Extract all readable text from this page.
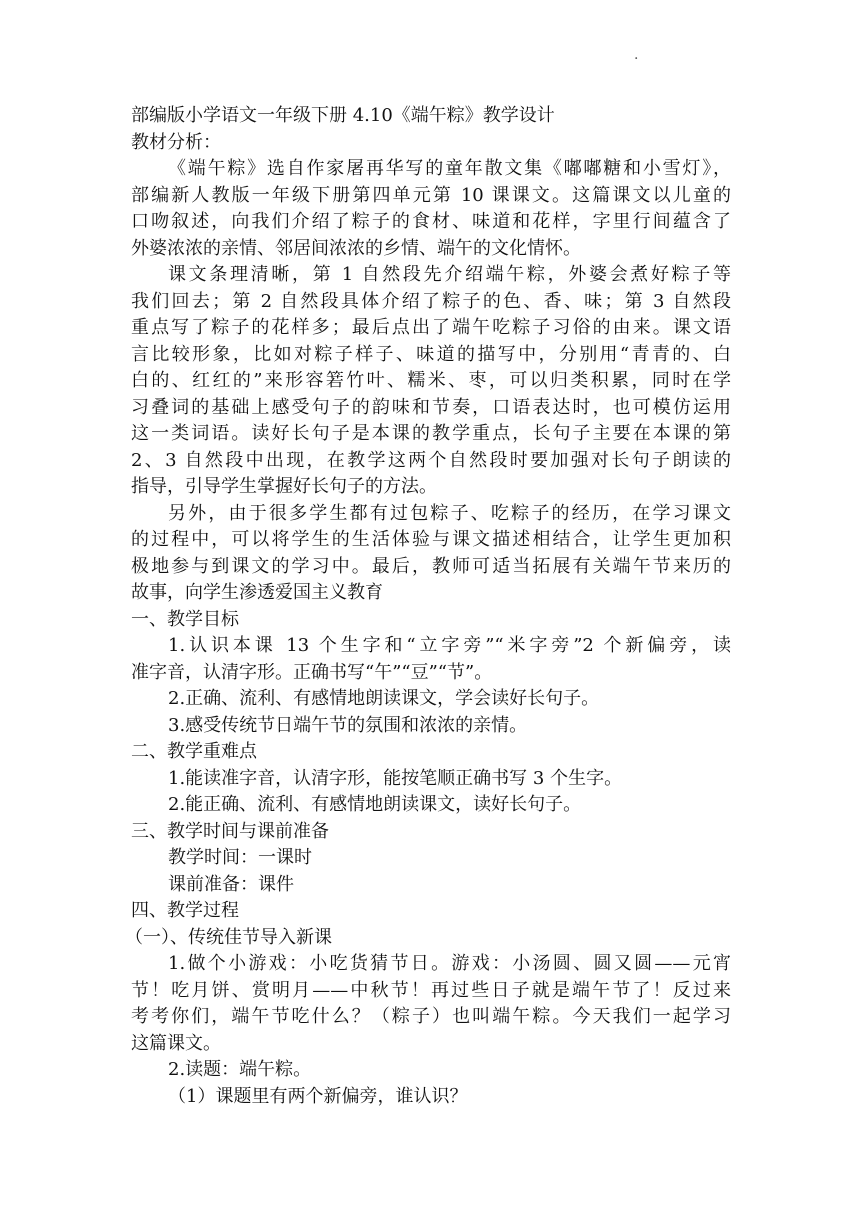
·
部编版小学语文一年级下册 4.10《端午粽》教学设计
教材分析：
《端午粽》选自作家屠再华写的童年散文集《嘟嘟糖和小雪灯》，
部编新人教版一年级下册第四单元第 10 课课文。这篇课文以儿童的
口吻叙述，向我们介绍了粽子的食材、味道和花样，字里行间蕴含了
外婆浓浓的亲情、邻居间浓浓的乡情、端午的文化情怀。
课文条理清晰，第 1 自然段先介绍端午粽，外婆会煮好粽子等
我们回去；第 2 自然段具体介绍了粽子的色、香、味；第 3 自然段
重点写了粽子的花样多；最后点出了端午吃粽子习俗的由来。课文语
言比较形象，比如对粽子样子、味道的描写中，分别用“青青的、白
白的、红红的”来形容箬竹叶、糯米、枣，可以归类积累，同时在学
习叠词的基础上感受句子的韵味和节奏，口语表达时，也可模仿运用
这一类词语。读好长句子是本课的教学重点，长句子主要在本课的第
2、3 自然段中出现，在教学这两个自然段时要加强对长句子朗读的
指导，引导学生掌握好长句子的方法。
另外，由于很多学生都有过包粽子、吃粽子的经历，在学习课文
的过程中，可以将学生的生活体验与课文描述相结合，让学生更加积
极地参与到课文的学习中。最后，教师可适当拓展有关端午节来历的
故事，向学生渗透爱国主义教育
一、教学目标
1.认识本课 13 个生字和“立字旁”“米字旁”2 个新偏旁，读
准字音，认清字形。正确书写“午”“豆”“节”。
2.正确、流利、有感情地朗读课文，学会读好长句子。
3.感受传统节日端午节的氛围和浓浓的亲情。
二、教学重难点
1.能读准字音，认清字形，能按笔顺正确书写 3 个生字。
2.能正确、流利、有感情地朗读课文，读好长句子。
三、教学时间与课前准备
教学时间：一课时
课前准备：课件
四、教学过程
（一）、传统佳节导入新课
1.做个小游戏：小吃货猜节日。游戏：小汤圆、圆又圆——元宵
节！吃月饼、赏明月——中秋节！再过些日子就是端午节了！反过来
考考你们，端午节吃什么？（粽子）也叫端午粽。今天我们一起学习
这篇课文。
2.读题：端午粽。
（1）课题里有两个新偏旁，谁认识？
